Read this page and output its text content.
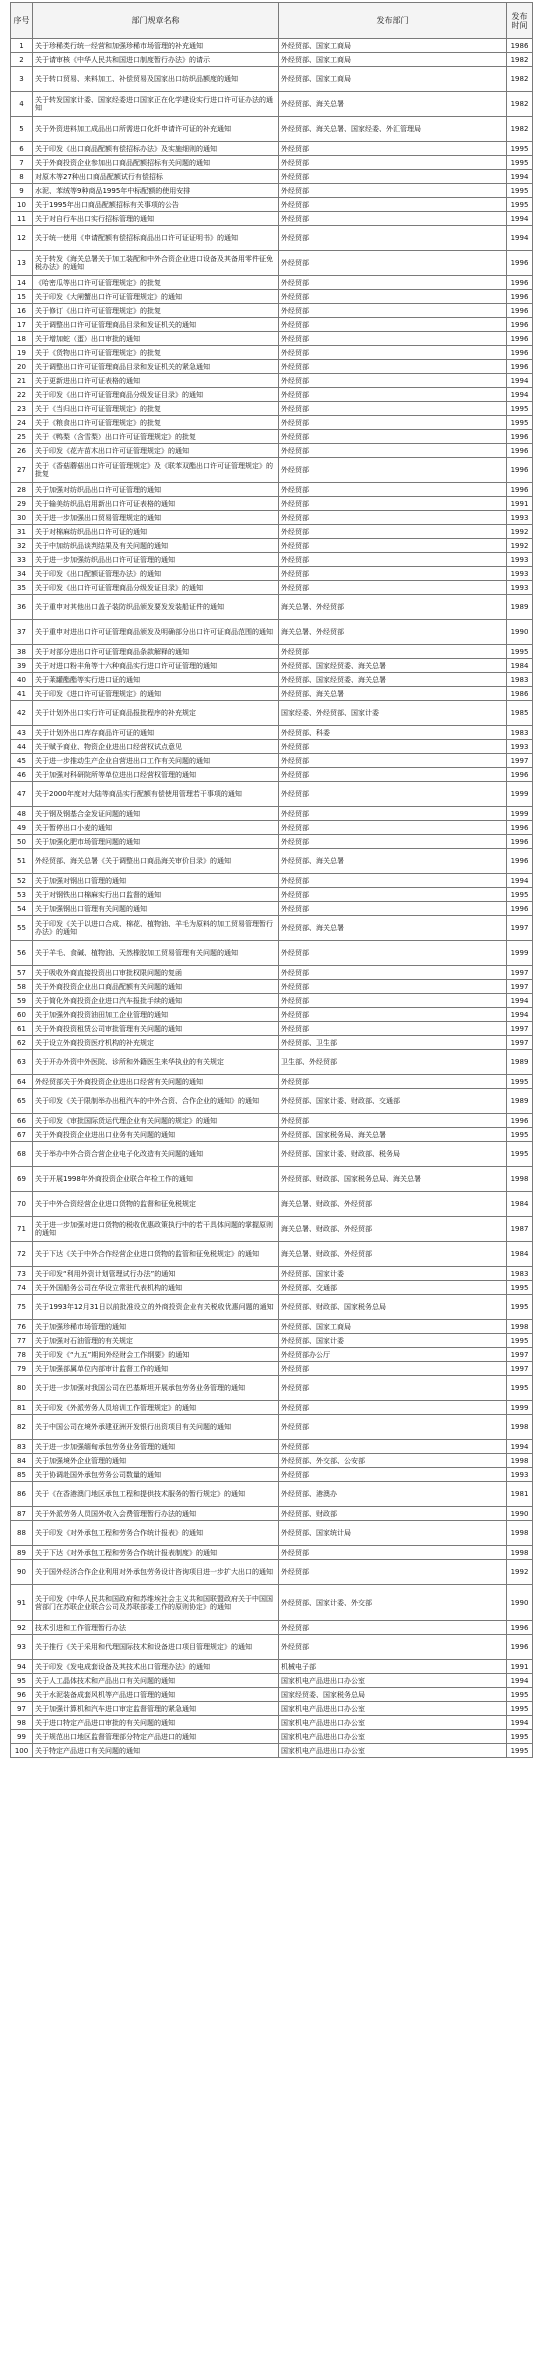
序号	部门规章名称	发布部门	发布时间
1	关于珍稀类行统一经营和加强珍稀市场管理的补充通知	外经贸部、国家工商局	1986
2	关于请审核《中华人民共和国进口制度暂行办法》的请示	外经贸部、国家工商局	1982
3	关于转口贸易、来料加工、补偿贸易及国家出口纺织品额度的通知	外经贸部、国家工商局	1982
4	关于转发国家计委、国家经委进口国家正在化学建设实行进口许可证办法的通知	外经贸部、海关总署	1982
5	关于外资进料加工成品出口所需进口化纤申请许可证的补充通知	外经贸部、海关总署、国家经委、外汇管理局	1982
6	关于印发《出口商品配额有偿招标办法》及实施细则的通知	外经贸部	1995
7	关于外商投资企业参加出口商品配额招标有关问题的通知	外经贸部	1995
8	对原木等27种出口商品配额试行有偿招标	外经贸部	1994
9	水泥、苯绒等9种商品1995年中标配额的使用安排	外经贸部	1995
10	关于1995年出口商品配额招标有关事项的公告	外经贸部	1995
11	关于对自行车出口实行招标管理的通知	外经贸部	1994
12	关于统一使用《申请配额有偿招标商品出口许可证证明书》的通知	外经贸部	1994
13	关于转发《海关总署关于加工装配和中外合资企业进口设备及其备用零件征免税办法》的通知	外经贸部	1996
14	《哈密瓜等出口许可证管理规定》的批复	外经贸部	1996
15	关于印发《大闸蟹出口许可证管理规定》的通知	外经贸部	1996
16	关于修订《出口许可证管理规定》的批复	外经贸部	1996
17	关于调整出口许可证管理商品目录和发证机关的通知	外经贸部	1996
18	关于增加蛇（蛋）出口审批的通知	外经贸部	1996
19	关于《货物出口许可证管理规定》的批复	外经贸部	1996
20	关于调整出口许可证管理商品目录和发证机关的紧急通知	外经贸部	1996
21	关于更新进出口许可证表格的通知	外经贸部	1994
22	关于印发《出口许可证管理商品分级发证目录》的通知	外经贸部	1994
23	关于《当归出口许可证管理规定》的批复	外经贸部	1995
24	关于《粮食出口许可证管理规定》的批复	外经贸部	1995
25	关于《鸭梨（含雪梨）出口许可证管理规定》的批复	外经贸部	1996
26	关于印发《花卉苗木出口许可证管理规定》的通知	外经贸部	1996
27	关于《香菇蘑菇出口许可证管理规定》及《联苯双酯出口许可证管理规定》的批复	外经贸部	1996
28	关于加强对纺织品出口许可证管理的通知	外经贸部	1996
29	关于输美纺织品启用新出口许可证表格的通知	外经贸部	1991
30	关于进一步加强出口贸易管理规定的通知	外经贸部	1993
31	关于对棉麻纺织品出口许可证的通知	外经贸部	1992
32	关于中加纺织品谈判结果及有关问题的通知	外经贸部	1992
33	关于进一步加强纺织品出口许可证管理的通知	外经贸部	1993
34	关于印发《出口配额证管理办法》的通知	外经贸部	1993
35	关于印发《出口许可证管理商品分级发证目录》的通知	外经贸部	1993
36	关于重申对其他出口盖子装防织品颁发要发发装船证件的通知	海关总署、外经贸部	1989
37	关于重申对进出口许可证管理商品颁发及明确部分出口许可证商品范围的通知	海关总署、外经贸部	1990
38	关于对部分进出口许可证管理商品条款解释的通知	外经贸部	1995
39	关于对进口粉丰角等十六种商品实行进口许可证管理的通知	外经贸部、国家经贸委、海关总署	1984
40	关于莱罐酯酯等实行进口证的通知	外经贸部、国家经贸委、海关总署	1983
41	关于印发《进口许可证管理规定》的通知	外经贸部、海关总署	1986
42	关于计划外出口实行许可证商品报批程序的补充规定	国家经委、外经贸部、国家计委	1985
43	关于计划外出口库存商品许可证的通知	外经贸部、科委	1983
44	关于赋予商业、物资企业进出口经营权试点意见	外经贸部	1993
45	关于进一步推动生产企业自营进出口工作有关问题的通知	外经贸部	1997
46	关于加强对科研院所等单位进出口经营权管理的通知	外经贸部	1996
47	关于2000年度对大陆等商品实行配额有偿使用管理若干事项的通知	外经贸部	1999
48	关于钢及钢基合金发证问题的通知	外经贸部	1999
49	关于暂停出口小麦的通知	外经贸部	1996
50	关于加强化肥市场管理问题的通知	外经贸部	1996
51	外经贸部、海关总署《关于调整出口商品海关审价目录》的通知	外经贸部、海关总署	1996
52	关于加强对钢出口管理的通知	外经贸部	1994
53	关于对钢铁出口棉麻实行出口监督的通知	外经贸部	1995
54	关于加强钢出口管理有关问题的通知	外经贸部	1996
55	关于印发《关于以进口合成、棉花、植物油、羊毛为原料的加工贸易管理暂行办法》的通知	外经贸部、海关总署	1997
56	关于羊毛、食碱、植物油、天然橡胶加工贸易管理有关问题的通知	外经贸部	1999
57	关于吸收外商直接投资出口审批权限问题的复函	外经贸部	1997
58	关于外商投资企业出口商品配额有关问题的通知	外经贸部	1997
59	关于简化外商投资企业进口汽车报批手续的通知	外经贸部	1994
60	关于加强外商投资油田加工企业管理的通知	外经贸部	1994
61	关于外商投资租赁公司审批管理有关问题的通知	外经贸部	1997
62	关于设立外商投资医疗机构的补充规定	外经贸部、卫生部	1997
63	关于开办外资中外医院、诊所和外籍医生来华执业的有关规定	卫生部、外经贸部	1989
64	外经贸部关于外商投资企业进出口经营有关问题的通知	外经贸部	1995
65	关于印发《关于限制举办出租汽车的中外合资、合作企业的通知》的通知	外经贸部、国家计委、财政部、交通部	1989
66	关于印发《审批国际货运代理企业有关问题的规定》的通知	外经贸部	1996
67	关于外商投资企业进出口业务有关问题的通知	外经贸部、国家税务局、海关总署	1995
68	关于举办中外合资合营企业电子化改造有关问题的通知	外经贸部、国家计委、财政部、税务局	1995
69	关于开展1998年外商投资企业联合年检工作的通知	外经贸部、财政部、国家税务总局、海关总署	1998
70	关于中外合资经营企业进口货物的监督和征免税规定	海关总署、财政部、外经贸部	1984
71	关于进一步加强对进口货物的税收优惠政策执行中的若干具体问题的掌握原则的通知	海关总署、财政部、外经贸部	1987
72	关于下达《关于中外合作经营企业进口货物的监管和征免税规定》的通知	海关总署、财政部、外经贸部	1984
73	关于印发“利用外资计划管理试行办法”的通知	外经贸部、国家计委	1983
74	关于外国船务公司在华设立常驻代表机构的通知	外经贸部、交通部	1995
75	关于1993年12月31日以前批准设立的外商投资企业有关税收优惠问题的通知	外经贸部、财政部、国家税务总局	1995
76	关于加强珍稀市场管理的通知	外经贸部、国家工商局	1998
77	关于加强对石油管理的有关规定	外经贸部、国家计委	1995
78	关于印发《“九五”期间外经财会工作纲要》的通知	外经贸部办公厅	1997
79	关于加强部属单位内部审计监督工作的通知	外经贸部	1997
80	关于进一步加强对我国公司在巴基斯坦开展承包劳务业务管理的通知	外经贸部	1995
81	关于印发《外派劳务人员培训工作管理规定》的通知	外经贸部	1999
82	关于中国公司在境外承建亚洲开发银行出资项目有关问题的通知	外经贸部	1998
83	关于进一步加强缅甸承包劳务业务管理的通知	外经贸部	1994
84	关于加强境外企业管理的通知	外经贸部、外交部、公安部	1998
85	关于协调赴国外承包劳务公司数量的通知	外经贸部	1993
86	关于《在香港澳门地区承包工程和提供技术服务的暂行规定》的通知	外经贸部、港澳办	1981
87	关于外派劳务人员国外收入会费管理暂行办法的通知	外经贸部、财政部	1990
88	关于印发《对外承包工程和劳务合作统计报表》的通知	外经贸部、国家统计局	1998
89	关于下达《对外承包工程和劳务合作统计报表制度》的通知	外经贸部	1998
90	关于国外经济合作企业利用对外承包劳务设计咨询项目进一步扩大出口的通知	外经贸部	1992
91	关于印发《中华人民共和国政府和苏维埃社会主义共和国联盟政府关于中国国营部门在苏联企业联合公司及苏联部委工作的原则协定》的通知	外经贸部、国家计委、外交部	1990
92	技术引进和工作管理暂行办法	外经贸部	1996
93	关于推行《关于采用和代理国际技术和设备进口项目管理规定》的通知	外经贸部	1996
94	关于印发《发电成套设备及其技术出口管理办法》的通知	机械电子部	1991
95	关于人工晶体技术和产品出口有关问题的通知	国家机电产品进出口办公室	1994
96	关于水泥装备成套风机等产品进口管理的通知	国家经贸委、国家税务总局	1995
97	关于加强计算机和汽车进口审定监督管理的紧急通知	国家机电产品进出口办公室	1995
98	关于进口特定产品进口审批的有关问题的通知	国家机电产品进出口办公室	1994
99	关于规范出口地区监督管理部分特定产品进口的通知	国家机电产品进出口办公室	1995
100	关于特定产品进口有关问题的通知	国家机电产品进出口办公室	1995
